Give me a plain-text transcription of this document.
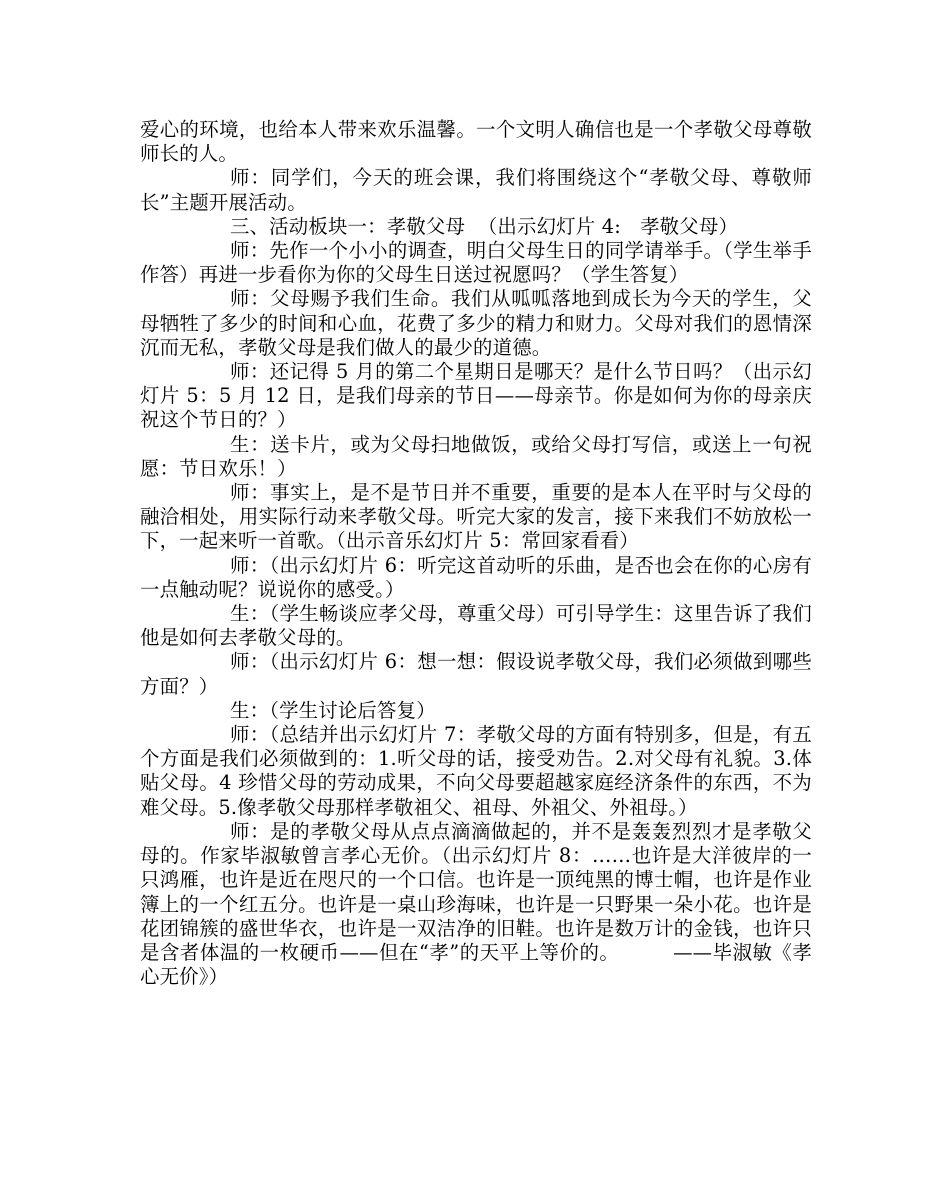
爱心的环境，也给本人带来欢乐温馨。一个文明人确信也是一个孝敬父母尊敬师长的人。

师：同学们，今天的班会课，我们将围绕这个“孝敬父母、尊敬师长”主题开展活动。

三、活动板块一：孝敬父母  （出示幻灯片 4:   孝敬父母）

师：先作一个小小的调查，明白父母生日的同学请举手。（学生举手作答）再进一步看你为你的父母生日送过祝愿吗？（学生答复）

师：父母赐予我们生命。我们从呱呱落地到成长为今天的学生，父母牺牲了多少的时间和心血，花费了多少的精力和财力。父母对我们的恩情深沉而无私，孝敬父母是我们做人的最少的道德。

师：还记得 5 月的第二个星期日是哪天？是什么节日吗？（出示幻灯片 5：5 月 12 日，是我们母亲的节日——母亲节。你是如何为你的母亲庆祝这个节日的？）

生：送卡片，或为父母扫地做饭，或给父母打写信，或送上一句祝愿：节日欢乐！）

师：事实上，是不是节日并不重要，重要的是本人在平时与父母的融洽相处，用实际行动来孝敬父母。听完大家的发言，接下来我们不妨放松一下，一起来听一首歌。（出示音乐幻灯片 5：常回家看看）

师：（出示幻灯片 6：听完这首动听的乐曲，是否也会在你的心房有一点触动呢？说说你的感受。）

生：（学生畅谈应孝父母，尊重父母）可引导学生：这里告诉了我们他是如何去孝敬父母的。

师：（出示幻灯片 6：想一想：假设说孝敬父母，我们必须做到哪些方面？）

生：（学生讨论后答复）

师：（总结并出示幻灯片 7：孝敬父母的方面有特别多，但是，有五个方面是我们必须做到的：1.听父母的话，接受劝告。2.对父母有礼貌。3.体贴父母。4 珍惜父母的劳动成果，不向父母要超越家庭经济条件的东西，不为难父母。5.像孝敬父母那样孝敬祖父、祖母、外祖父、外祖母。）

师：是的孝敬父母从点点滴滴做起的，并不是轰轰烈烈才是孝敬父母的。作家毕淑敏曾言孝心无价。（出示幻灯片 8：……也许是大洋彼岸的一只鸿雁，也许是近在咫尺的一个口信。也许是一顶纯黑的博士帽，也许是作业簿上的一个红五分。也许是一桌山珍海味，也许是一只野果一朵小花。也许是花团锦簇的盛世华衣，也许是一双洁净的旧鞋。也许是数万计的金钱，也许只是含者体温的一枚硬币——但在“孝”的天平上等价的。        ——毕淑敏《孝心无价》）
